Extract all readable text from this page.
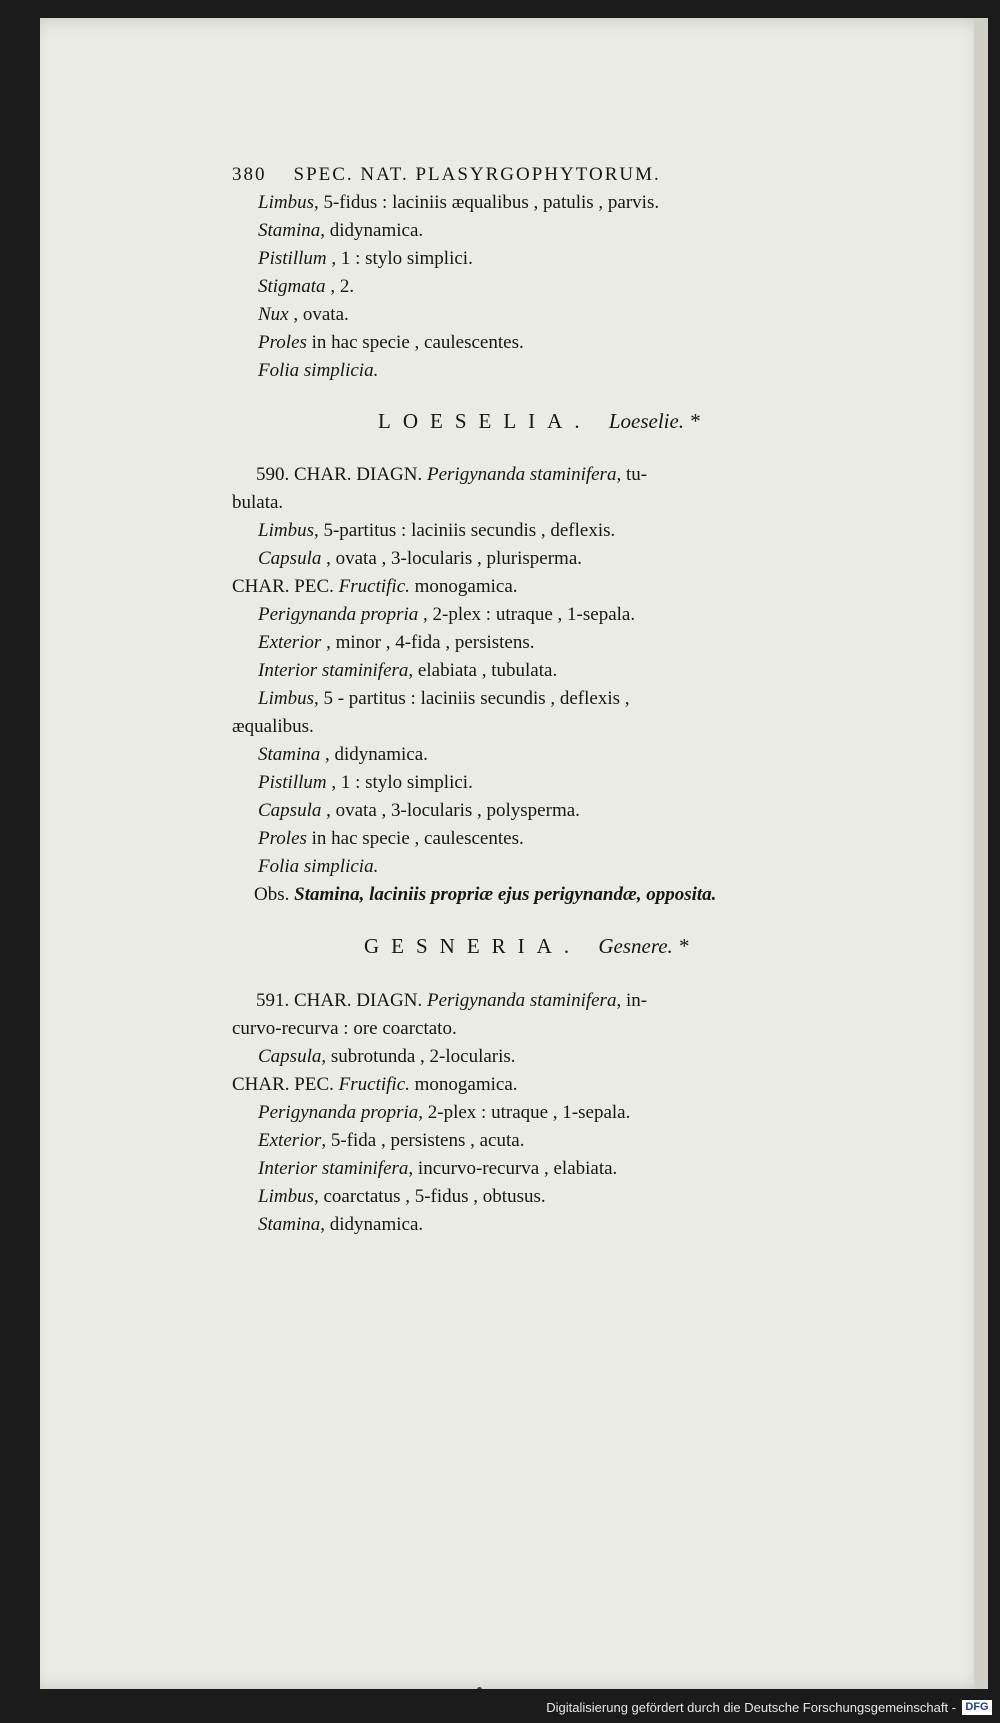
380 SPEC. NAT. PLASYRGOPHYTORUM.
Limbus, 5-fidus : laciniis æqualibus , patulis , parvis.
Stamina, didynamica.
Pistillum , 1 : stylo simplici.
Stigmata , 2.
Nux , ovata.
Proles in hac specie , caulescentes.
Folia simplicia.
LOESELIA. Loeselie. *
590. CHAR. DIAGN. Perigynanda staminifera, tu-
bulata.
Limbus, 5-partitus : laciniis secundis , deflexis.
Capsula , ovata , 3-locularis , plurisperma.
CHAR. PEC. Fructific. monogamica.
Perigynanda propria , 2-plex : utraque , 1-sepala.
Exterior , minor , 4-fida , persistens.
Interior staminifera, elabiata , tubulata.
Limbus, 5 - partitus : laciniis secundis , deflexis ,
æqualibus.
Stamina , didynamica.
Pistillum , 1 : stylo simplici.
Capsula , ovata , 3-locularis , polysperma.
Proles in hac specie , caulescentes.
Folia simplicia.
Obs. Stamina, laciniis propriæ ejus perigynandæ, opposita.
GESNERIA. Gesnere. *
591. CHAR. DIAGN. Perigynanda staminifera, in-
curvo-recurva : ore coarctato.
Capsula, subrotunda , 2-locularis.
CHAR. PEC. Fructific. monogamica.
Perigynanda propria, 2-plex : utraque , 1-sepala.
Exterior, 5-fida , persistens , acuta.
Interior staminifera, incurvo-recurva , elabiata.
Limbus, coarctatus , 5-fidus , obtusus.
Stamina, didynamica.
Digitalisierung gefördert durch die Deutsche Forschungsgemeinschaft - DFG
